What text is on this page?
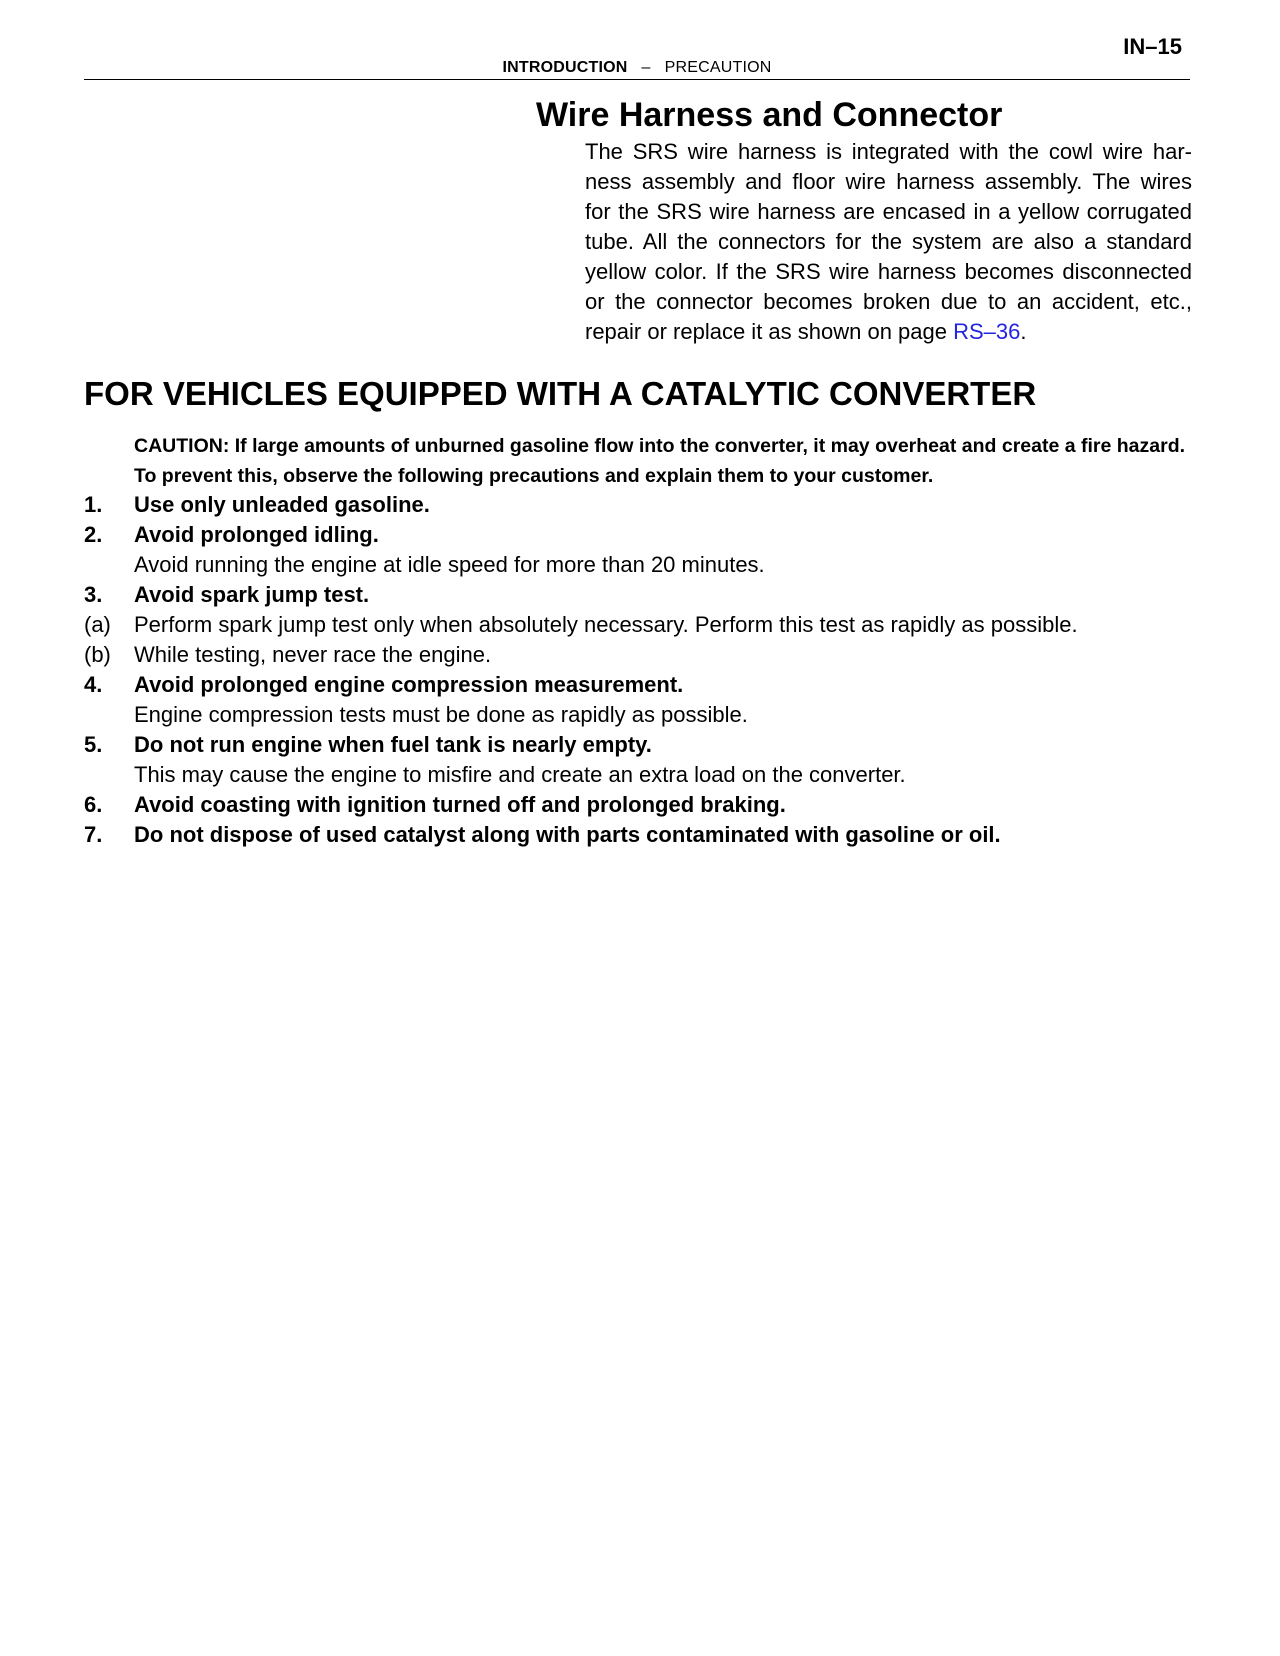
IN–15
INTRODUCTION – PRECAUTION
Wire Harness and Connector
The SRS wire harness is integrated with the cowl wire har-
ness assembly and floor wire harness assembly. The wires
for the SRS wire harness are encased in a yellow corrugated
tube. All the connectors for the system are also a standard
yellow color. If the SRS wire harness becomes disconnected
or the connector becomes broken due to an accident, etc.,
repair or replace it as shown on page RS–36.
FOR VEHICLES EQUIPPED WITH A CATALYTIC CONVERTER
CAUTION: If large amounts of unburned gasoline flow into the converter, it may overheat and create a fire hazard. To prevent this, observe the following precautions and explain them to your customer.
1.	Use only unleaded gasoline.
2.	Avoid prolonged idling.
Avoid running the engine at idle speed for more than 20 minutes.
3.	Avoid spark jump test.
(a)	Perform spark jump test only when absolutely necessary. Perform this test as rapidly as possible.
(b)	While testing, never race the engine.
4.	Avoid prolonged engine compression measurement.
Engine compression tests must be done as rapidly as possible.
5.	Do not run engine when fuel tank is nearly empty.
This may cause the engine to misfire and create an extra load on the converter.
6.	Avoid coasting with ignition turned off and prolonged braking.
7.	Do not dispose of used catalyst along with parts contaminated with gasoline or oil.
